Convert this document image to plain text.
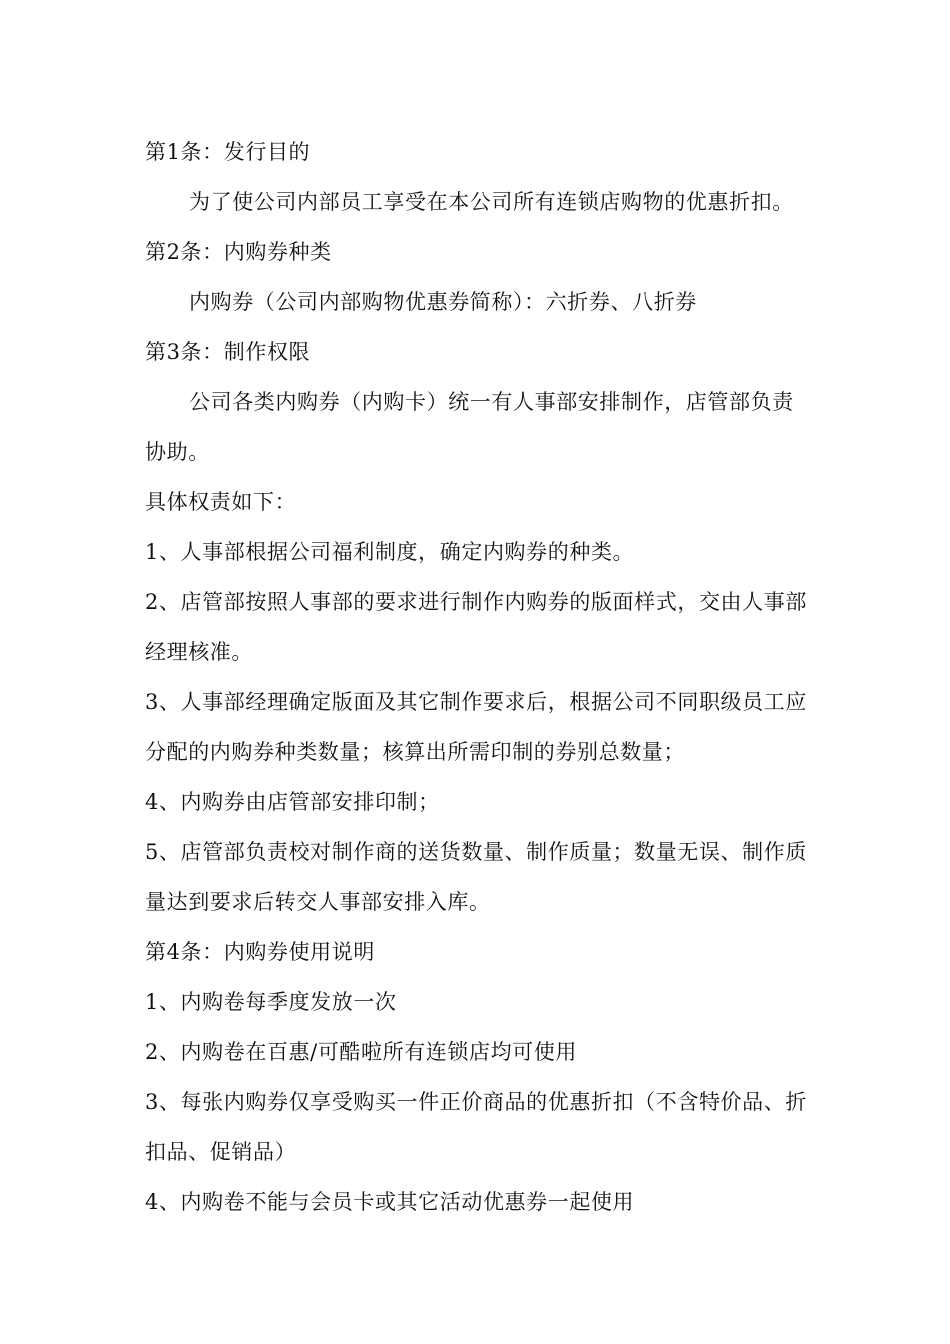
第1条：发行目的

为了使公司内部员工享受在本公司所有连锁店购物的优惠折扣。

第2条：内购券种类

内购券（公司内部购物优惠券简称）：六折券、八折券

第3条：制作权限

公司各类内购券（内购卡）统一有人事部安排制作，店管部负责协助。

具体权责如下：

1、人事部根据公司福利制度，确定内购券的种类。

2、店管部按照人事部的要求进行制作内购券的版面样式，交由人事部经理核准。

3、人事部经理确定版面及其它制作要求后，根据公司不同职级员工应分配的内购券种类数量；核算出所需印制的券别总数量；

4、内购券由店管部安排印制；

5、店管部负责校对制作商的送货数量、制作质量；数量无误、制作质量达到要求后转交人事部安排入库。

第4条：内购券使用说明

1、内购卷每季度发放一次

2、内购卷在百惠/可酷啦所有连锁店均可使用

3、每张内购券仅享受购买一件正价商品的优惠折扣（不含特价品、折扣品、促销品）

4、内购卷不能与会员卡或其它活动优惠券一起使用
